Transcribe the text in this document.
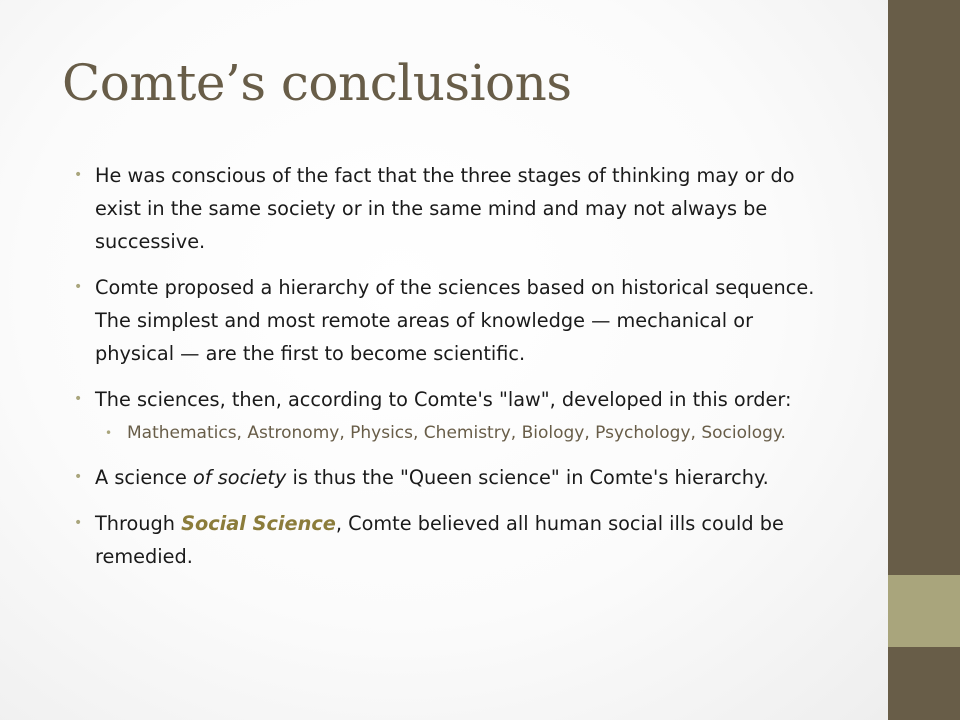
Comte’s conclusions
• He was conscious of the fact that the three stages of thinking may or do exist in the same society or in the same mind and may not always be successive.
• Comte proposed a hierarchy of the sciences based on historical sequence. The simplest and most remote areas of knowledge — mechanical or physical — are the first to become scientific.
• The sciences, then, according to Comte's "law", developed in this order:
• Mathematics, Astronomy, Physics, Chemistry, Biology, Psychology, Sociology.
• A science of society is thus the "Queen science" in Comte's hierarchy.
• Through Social Science, Comte believed all human social ills could be remedied.
